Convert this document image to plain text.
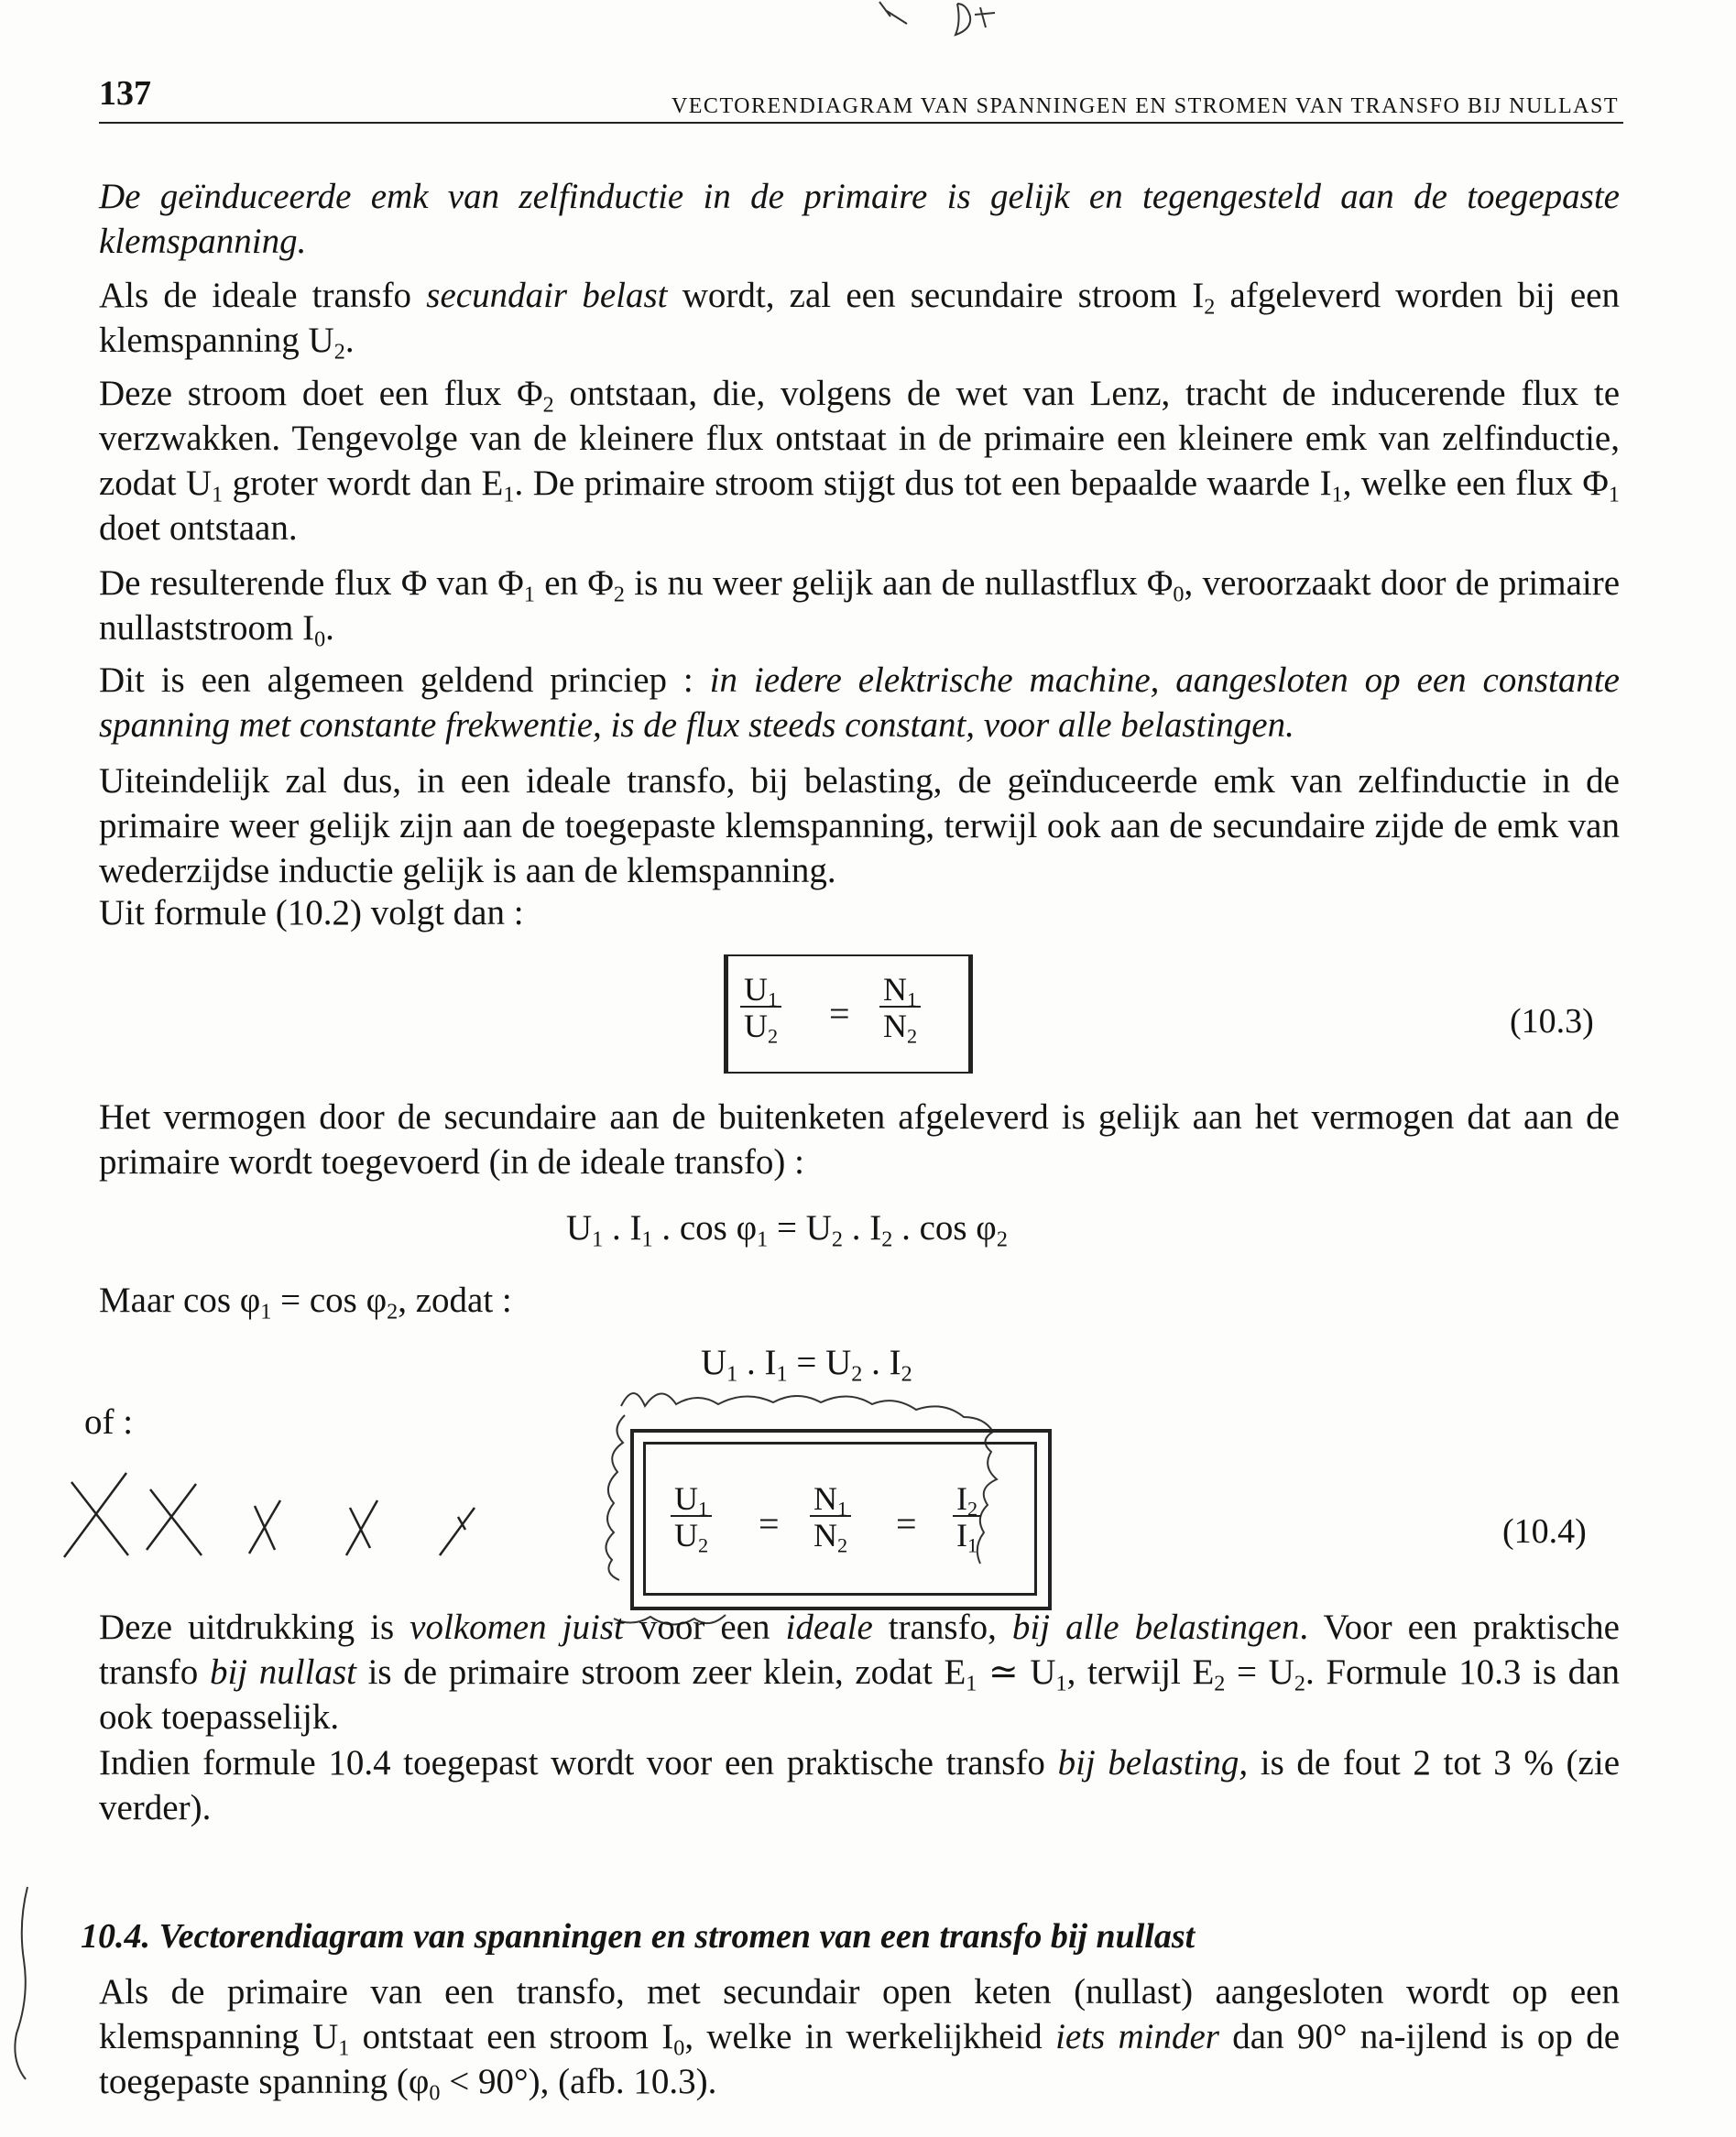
137	VECTORENDIAGRAM VAN SPANNINGEN EN STROMEN VAN TRANSFO BIJ NULLAST
De geïnduceerde emk van zelfinductie in de primaire is gelijk en tegengesteld aan de toegepaste klemspanning.
Als de ideale transfo secundair belast wordt, zal een secundaire stroom $I_2$ afgeleverd worden bij een klemspanning $U_2$.
Deze stroom doet een flux $\Phi_2$ ontstaan, die, volgens de wet van Lenz, tracht de inducerende flux te verzwakken. Tengevolge van de kleinere flux ontstaat in de primaire een kleinere emk van zelfinductie, zodat $U_1$ groter wordt dan $E_1$. De primaire stroom stijgt dus tot een bepaalde waarde $I_1$, welke een flux $\Phi_1$ doet ontstaan.
De resulterende flux Φ van $\Phi_1$ en $\Phi_2$ is nu weer gelijk aan de nullastflux $\Phi_0$, veroorzaakt door de primaire nullaststroom $I_0$.
Dit is een algemeen geldend princiep : in iedere elektrische machine, aangesloten op een constante spanning met constante frekwentie, is de flux steeds constant, voor alle belastingen.
Uiteindelijk zal dus, in een ideale transfo, bij belasting, de geïnduceerde emk van zelfinductie in de primaire weer gelijk zijn aan de toegepaste klemspanning, terwijl ook aan de secundaire zijde de emk van wederzijdse inductie gelijk is aan de klemspanning.
Uit formule (10.2) volgt dan :
$\frac{U_1}{U_2} = \frac{N_1}{N_2}$	(10.3)
Het vermogen door de secundaire aan de buitenketen afgeleverd is gelijk aan het vermogen dat aan de primaire wordt toegevoerd (in de ideale transfo) :
$U_1$ . $I_1$ . $\cos \varphi_1 = U_2$ . $I_2$ . $\cos \varphi_2$
Maar $\cos \varphi_1 = \cos \varphi_2$, zodat :
$U_1$ . $I_1 = U_2$ . $I_2$
of :
$\frac{U_1}{U_2} = \frac{N_1}{N_2} = \frac{I_2}{I_1}$	(10.4)
Deze uitdrukking is volkomen juist voor een ideale transfo, bij alle belastingen. Voor een praktische transfo bij nullast is de primaire stroom zeer klein, zodat $E_1$ ≃ $U_1$, terwijl $E_2 = U_2$. Formule 10.3 is dan ook toepasselijk.
Indien formule 10.4 toegepast wordt voor een praktische transfo bij belasting, is de fout 2 tot 3 % (zie verder).
10.4. Vectorendiagram van spanningen en stromen van een transfo bij nullast
Als de primaire van een transfo, met secundair open keten (nullast) aangesloten wordt op een klemspanning $U_1$ ontstaat een stroom $I_0$, welke in werkelijkheid iets minder dan 90° na-ijlend is op de toegepaste spanning $(\varphi_0 < 90^\circ)$, (afb. 10.3).
